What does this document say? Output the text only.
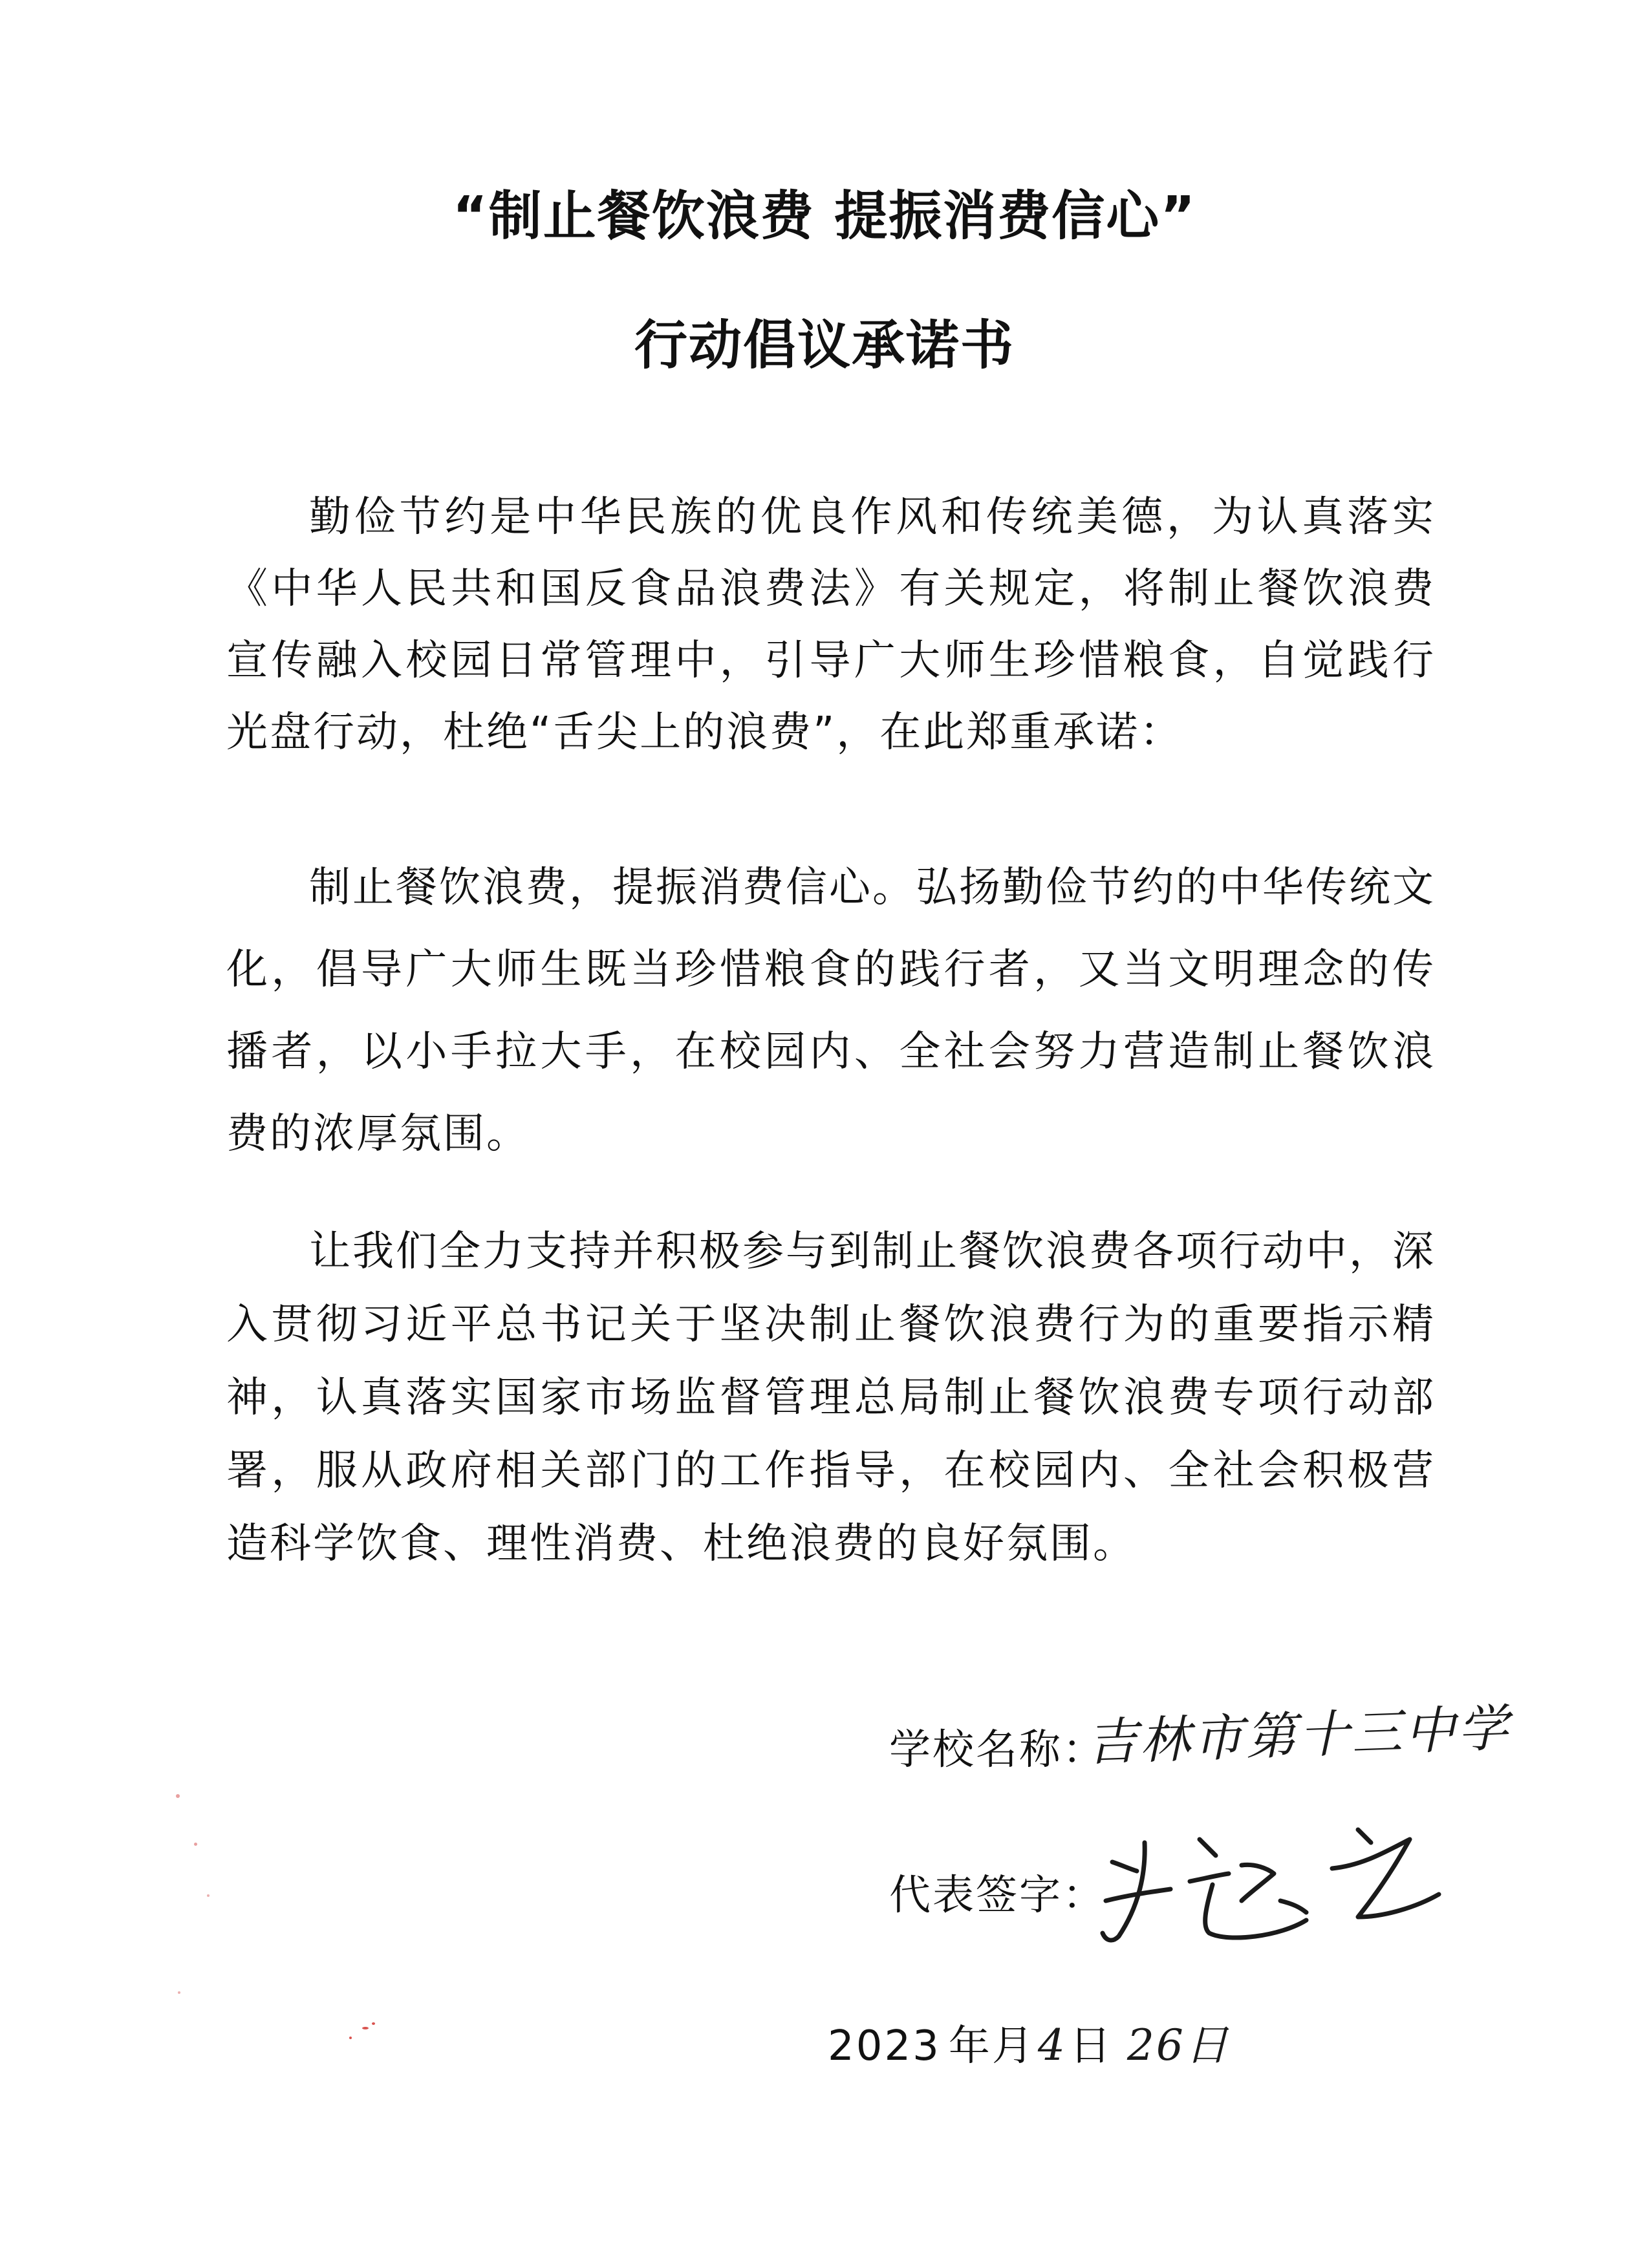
“制止餐饮浪费 提振消费信心”
行动倡议承诺书

勤俭节约是中华民族的优良作风和传统美德，为认真落实《中华人民共和国反食品浪费法》有关规定，将制止餐饮浪费宣传融入校园日常管理中，引导广大师生珍惜粮食，自觉践行光盘行动，杜绝“舌尖上的浪费”，在此郑重承诺：

制止餐饮浪费，提振消费信心。弘扬勤俭节约的中华传统文化，倡导广大师生既当珍惜粮食的践行者，又当文明理念的传播者，以小手拉大手，在校园内、全社会努力营造制止餐饮浪费的浓厚氛围。

让我们全力支持并积极参与到制止餐饮浪费各项行动中，深入贯彻习近平总书记关于坚决制止餐饮浪费行为的重要指示精神，认真落实国家市场监督管理总局制止餐饮浪费专项行动部署，服从政府相关部门的工作指导，在校园内、全社会积极营造科学饮食、理性消费、杜绝浪费的良好氛围。

学校名称：
吉林市第十三中学
代表签字：
2023 年 月 4 日 26日
